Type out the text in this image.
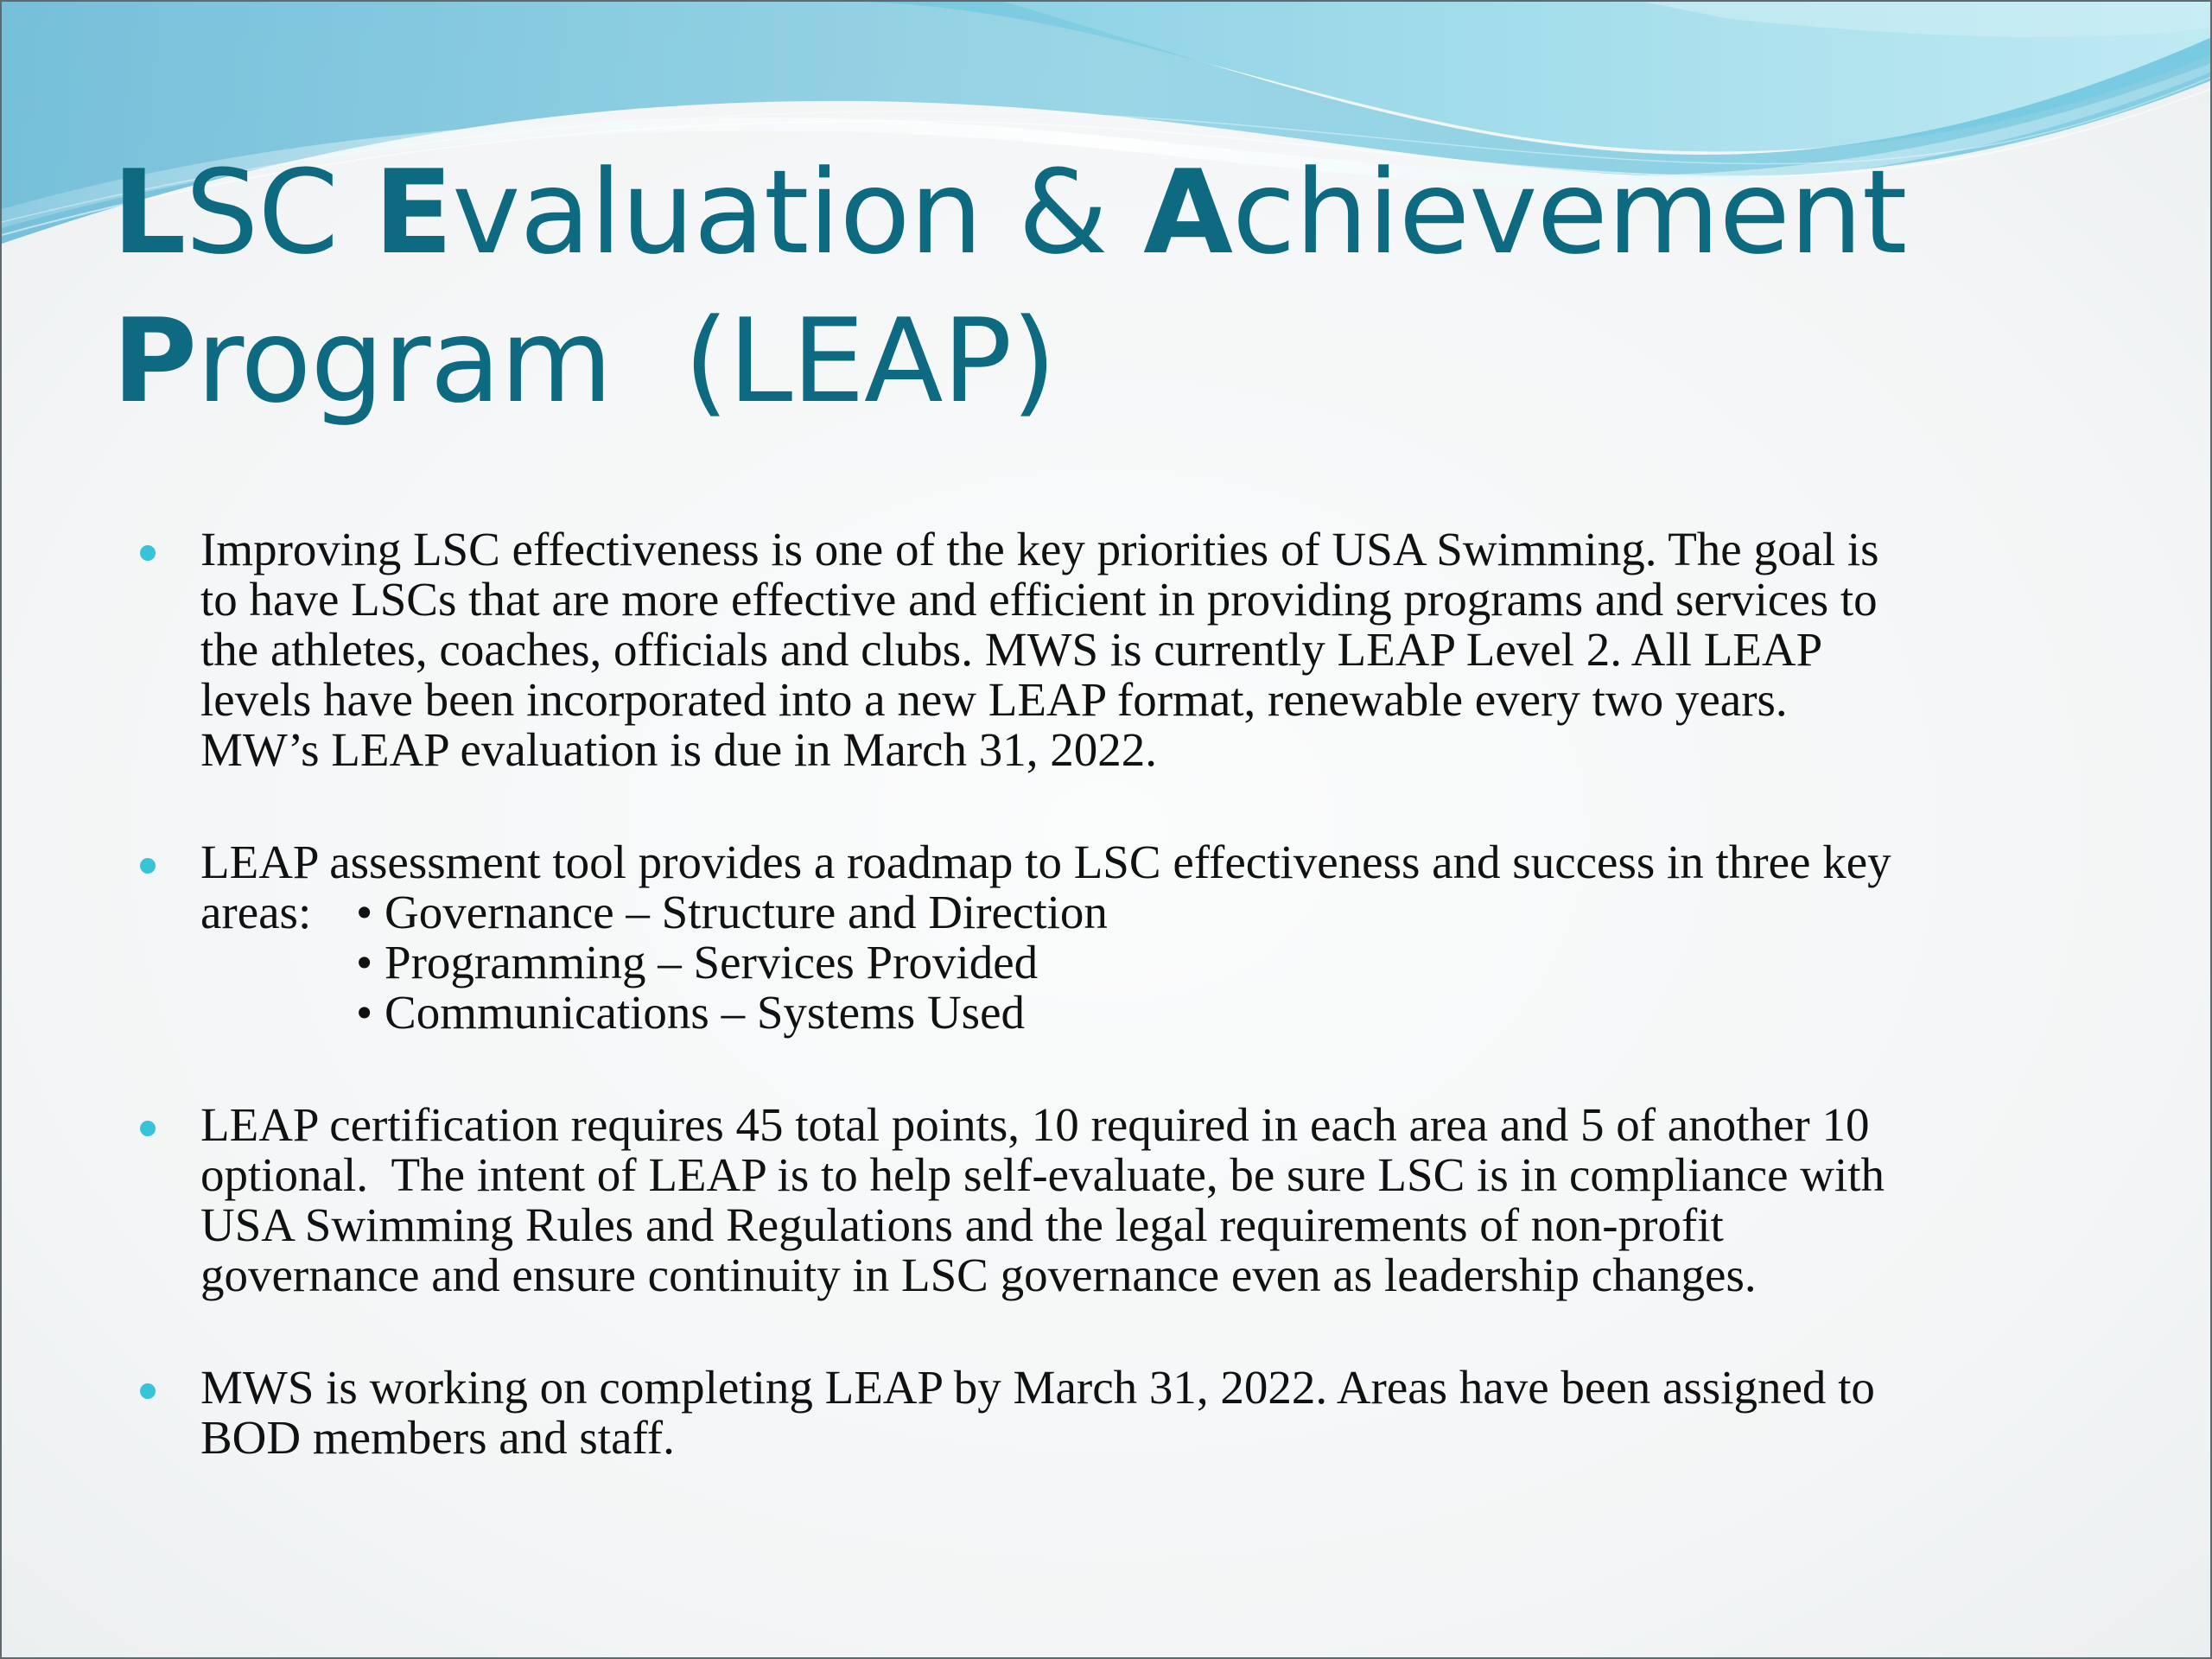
LSC Evaluation & Achievement
Program  (LEAP)
Improving LSC effectiveness is one of the key priorities of USA Swimming. The goal is
to have LSCs that are more effective and efficient in providing programs and services to
the athletes, coaches, officials and clubs. MWS is currently LEAP Level 2. All LEAP
levels have been incorporated into a new LEAP format, renewable every two years.
MW’s LEAP evaluation is due in March 31, 2022.
LEAP assessment tool provides a roadmap to LSC effectiveness and success in three key
areas: • Governance – Structure and Direction
• Programming – Services Provided
• Communications – Systems Used
LEAP certification requires 45 total points, 10 required in each area and 5 of another 10
optional.  The intent of LEAP is to help self-evaluate, be sure LSC is in compliance with
USA Swimming Rules and Regulations and the legal requirements of non-profit
governance and ensure continuity in LSC governance even as leadership changes.
MWS is working on completing LEAP by March 31, 2022. Areas have been assigned to
BOD members and staff.
